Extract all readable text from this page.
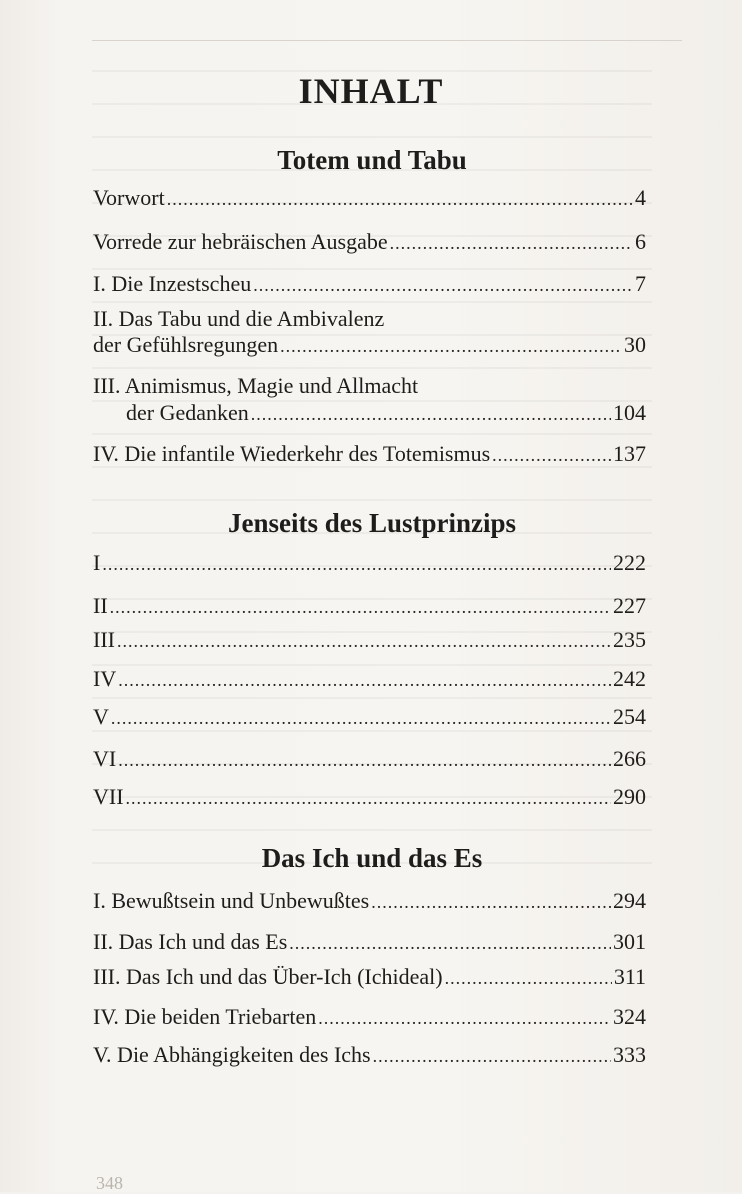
INHALT
Totem und Tabu
Vorwort .....	4
Vorrede zur hebräischen Ausgabe .....	6
I. Die Inzestscheu .....	7
II. Das Tabu und die Ambivalenz
der Gefühlsregungen .....	30
III. Animismus, Magie und Allmacht
der Gedanken .....	104
IV. Die infantile Wiederkehr des Totemismus .....	137
Jenseits des Lustprinzips
I .....	222
II .....	227
III .....	235
IV .....	242
V .....	254
VI .....	266
VII .....	290
Das Ich und das Es
I. Bewußtsein und Unbewußtes .....	294
II. Das Ich und das Es .....	301
III. Das Ich und das Über-Ich (Ichideal) .....	311
IV. Die beiden Triebarten .....	324
V. Die Abhängigkeiten des Ichs .....	333
348
